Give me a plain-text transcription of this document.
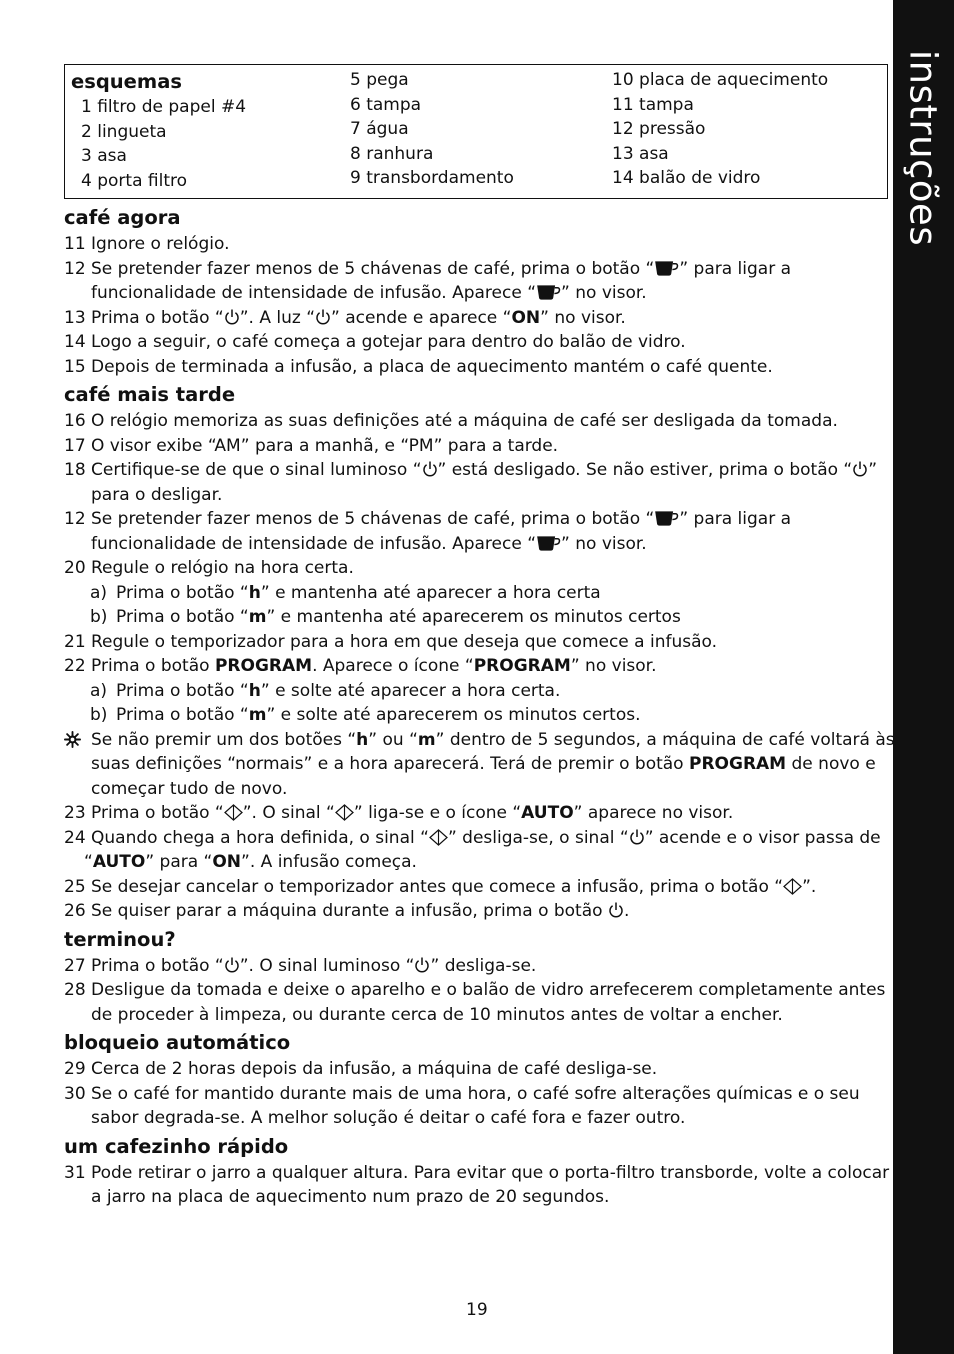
instruções
esquemas
1 filtro de papel #4
2 lingueta
3 asa
4 porta filtro
5 pega
6 tampa
7 água
8 ranhura
9 transbordamento
10 placa de aquecimento
11 tampa
12 pressão
13 asa
14 balão de vidro
café agora
11 Ignore o relógio.
12 Se pretender fazer menos de 5 chávenas de café, prima o botão “ ” para ligar a
funcionalidade de intensidade de infusão. Aparece “ ” no visor.
13 Prima o botão “ ”. A luz “ ” acende e aparece “ON” no visor.
14 Logo a seguir, o café começa a gotejar para dentro do balão de vidro.
15 Depois de terminada a infusão, a placa de aquecimento mantém o café quente.
café mais tarde
16 O relógio memoriza as suas definições até a máquina de café ser desligada da tomada.
17 O visor exibe “AM” para a manhã, e “PM” para a tarde.
18 Certifique-se de que o sinal luminoso “ ” está desligado. Se não estiver, prima o botão “ ”
para o desligar.
12 Se pretender fazer menos de 5 chávenas de café, prima o botão “ ” para ligar a
funcionalidade de intensidade de infusão. Aparece “ ” no visor.
20 Regule o relógio na hora certa.
a) Prima o botão “h” e mantenha até aparecer a hora certa
b) Prima o botão “m” e mantenha até aparecerem os minutos certos
21 Regule o temporizador para a hora em que deseja que comece a infusão.
22 Prima o botão PROGRAM. Aparece o ícone “PROGRAM” no visor.
a) Prima o botão “h” e solte até aparecer a hora certa.
b) Prima o botão “m” e solte até aparecerem os minutos certos.
Se não premir um dos botões “h” ou “m” dentro de 5 segundos, a máquina de café voltará às
suas definições “normais” e a hora aparecerá. Terá de premir o botão PROGRAM de novo e
começar tudo de novo.
23 Prima o botão “ ”. O sinal “ ” liga-se e o ícone “AUTO” aparece no visor.
24 Quando chega a hora definida, o sinal “ ” desliga-se, o sinal “ ” acende e o visor passa de
“AUTO” para “ON”. A infusão começa.
25 Se desejar cancelar o temporizador antes que comece a infusão, prima o botão “ ”.
26 Se quiser parar a máquina durante a infusão, prima o botão
.
terminou?
27 Prima o botão “ ”. O sinal luminoso “ ” desliga-se.
28 Desligue da tomada e deixe o aparelho e o balão de vidro arrefecerem completamente antes
de proceder à limpeza, ou durante cerca de 10 minutos antes de voltar a encher.
bloqueio automático
29 Cerca de 2 horas depois da infusão, a máquina de café desliga-se.
30 Se o café for mantido durante mais de uma hora, o café sofre alterações químicas e o seu
sabor degrada-se. A melhor solução é deitar o café fora e fazer outro.
um cafezinho rápido
31 Pode retirar o jarro a qualquer altura. Para evitar que o porta-filtro transborde, volte a colocar
a jarro na placa de aquecimento num prazo de 20 segundos.
19
